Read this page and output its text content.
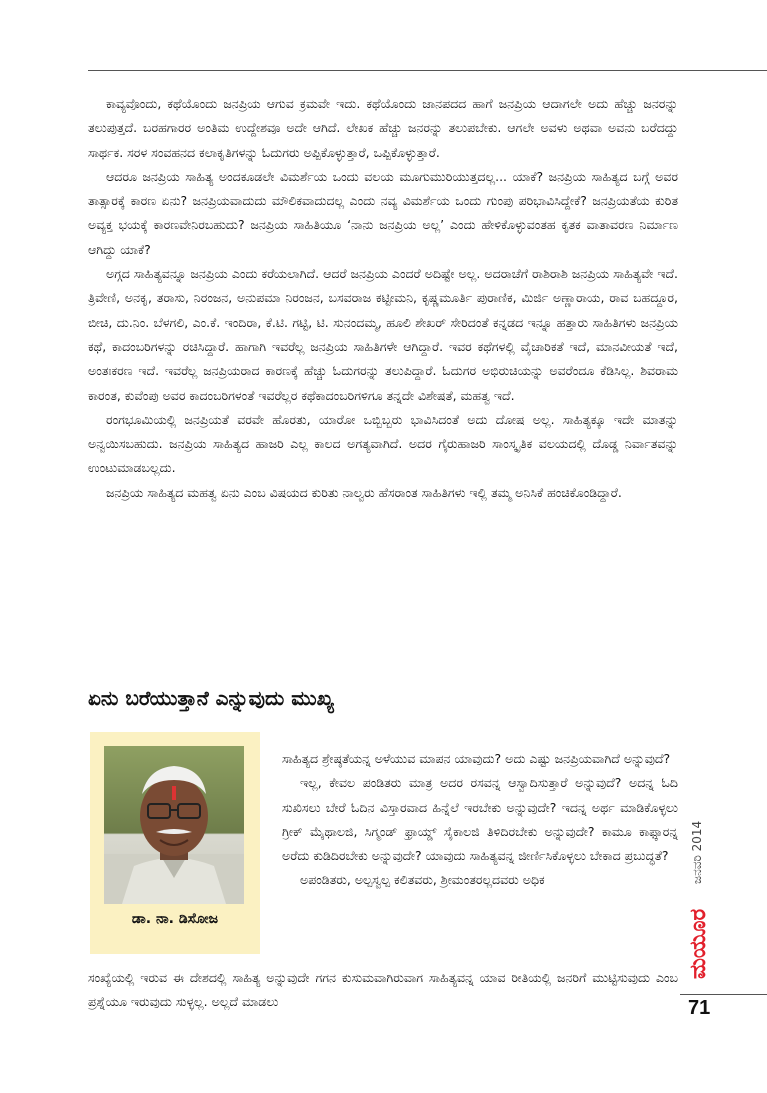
ಕಾವ್ಯವೊಂದು, ಕಥೆಯೊಂದು ಜನಪ್ರಿಯ ಆಗುವ ಕ್ರಮವೇ ಇದು. ಕಥೆಯೊಂದು ಜಾನಪದದ ಹಾಗೆ ಜನಪ್ರಿಯ ಆದಾಗಲೇ ಅದು ಹೆಚ್ಚು ಜನರನ್ನು ತಲುಪುತ್ತದೆ. ಬರಹಗಾರರ ಅಂತಿಮ ಉದ್ದೇಶವೂ ಅದೇ ಆಗಿದೆ. ಲೇಖಕ ಹೆಚ್ಚು ಜನರನ್ನು ತಲುಪಬೇಕು. ಆಗಲೇ ಅವಳು ಅಥವಾ ಅವನು ಬರೆದದ್ದು ಸಾರ್ಥಕ. ಸರಳ ಸಂವಹನದ ಕಲಾಕೃತಿಗಳನ್ನು ಓದುಗರು ಅಪ್ಪಿಕೊಳ್ಳುತ್ತಾರೆ, ಒಪ್ಪಿಕೊಳ್ಳುತ್ತಾರೆ.

ಆದರೂ ಜನಪ್ರಿಯ ಸಾಹಿತ್ಯ ಅಂದಕೂಡಲೇ ವಿಮರ್ಶೆಯ ಒಂದು ವಲಯ ಮೂಗುಮುರಿಯುತ್ತದಲ್ಲ... ಯಾಕೆ? ಜನಪ್ರಿಯ ಸಾಹಿತ್ಯದ ಬಗ್ಗೆ ಅವರ ತಾತ್ಸಾರಕ್ಕೆ ಕಾರಣ ಏನು? ಜನಪ್ರಿಯವಾದುದು ಮೌಲಿಕವಾದುದಲ್ಲ ಎಂದು ನವ್ಯ ವಿಮರ್ಶೆಯ ಒಂದು ಗುಂಪು ಪರಿಭಾವಿಸಿದ್ದೇಕೆ? ಜನಪ್ರಿಯತೆಯ ಕುರಿತ ಅವ್ಯಕ್ತ ಭಯಕ್ಕೆ ಕಾರಣವೇನಿರಬಹುದು? ಜನಪ್ರಿಯ ಸಾಹಿತಿಯೂ ‘ನಾನು ಜನಪ್ರಿಯ ಅಲ್ಲ’ ಎಂದು ಹೇಳಿಕೊಳ್ಳುವಂತಹ ಕೃತಕ ವಾತಾವರಣ ನಿರ್ಮಾಣ ಆಗಿದ್ದು ಯಾಕೆ?

ಅಗ್ಗದ ಸಾಹಿತ್ಯವನ್ನೂ ಜನಪ್ರಿಯ ಎಂದು ಕರೆಯಲಾಗಿದೆ. ಆದರೆ ಜನಪ್ರಿಯ ಎಂದರೆ ಅದಿಷ್ಟೇ ಅಲ್ಲ. ಅದರಾಚೆಗೆ ರಾಶಿರಾಶಿ ಜನಪ್ರಿಯ ಸಾಹಿತ್ಯವೇ ಇದೆ. ತ್ರಿವೇಣಿ, ಅನಕೃ, ತರಾಸು, ನಿರಂಜನ, ಅನುಪಮಾ ನಿರಂಜನ, ಬಸವರಾಜ ಕಟ್ಟೀಮನಿ, ಕೃಷ್ಣಮೂರ್ತಿ ಪುರಾಣಿಕ, ಮಿರ್ಜಿ ಅಣ್ಣಾರಾಯ, ರಾವ ಬಹದ್ದೂರ, ಬೀಚಿ, ದು.ನಿಂ. ಬೆಳಗಲಿ, ಎಂ.ಕೆ. ಇಂದಿರಾ, ಕೆ.ಟಿ. ಗಟ್ಟಿ, ಟಿ. ಸುನಂದಮ್ಮ, ಹೂಲಿ ಶೇಖರ್ ಸೇರಿದಂತೆ ಕನ್ನಡದ ಇನ್ನೂ ಹತ್ತಾರು ಸಾಹಿತಿಗಳು ಜನಪ್ರಿಯ ಕಥೆ, ಕಾದಂಬರಿಗಳನ್ನು ರಚಿಸಿದ್ದಾರೆ. ಹಾಗಾಗಿ ಇವರೆಲ್ಲ ಜನಪ್ರಿಯ ಸಾಹಿತಿಗಳೇ ಆಗಿದ್ದಾರೆ. ಇವರ ಕಥೆಗಳಲ್ಲಿ ವೈಚಾರಿಕತೆ ಇದೆ, ಮಾನವೀಯತೆ ಇದೆ, ಅಂತಃಕರಣ ಇದೆ. ಇವರೆಲ್ಲ ಜನಪ್ರಿಯರಾದ ಕಾರಣಕ್ಕೆ ಹೆಚ್ಚು ಓದುಗರನ್ನು ತಲುಪಿದ್ದಾರೆ. ಓದುಗರ ಅಭಿರುಚಿಯನ್ನು ಅವರೆಂದೂ ಕೆಡಿಸಿಲ್ಲ. ಶಿವರಾಮ ಕಾರಂತ, ಕುವೆಂಪು ಅವರ ಕಾದಂಬರಿಗಳಂತೆ ಇವರೆಲ್ಲರ ಕಥೆಕಾದಂಬರಿಗಳಿಗೂ ತನ್ನದೇ ವಿಶೇಷತೆ, ಮಹತ್ವ ಇದೆ.

ರಂಗಭೂಮಿಯಲ್ಲಿ ಜನಪ್ರಿಯತೆ ವರವೇ ಹೊರತು, ಯಾರೋ ಒಬ್ಬಿಬ್ಬರು ಭಾವಿಸಿದಂತೆ ಅದು ದೋಷ ಅಲ್ಲ. ಸಾಹಿತ್ಯಕ್ಕೂ ಇದೇ ಮಾತನ್ನು ಅನ್ವಯಿಸಬಹುದು. ಜನಪ್ರಿಯ ಸಾಹಿತ್ಯದ ಹಾಜರಿ ಎಲ್ಲ ಕಾಲದ ಅಗತ್ಯವಾಗಿದೆ. ಅದರ ಗೈರುಹಾಜರಿ ಸಾಂಸ್ಕೃತಿಕ ವಲಯದಲ್ಲಿ ದೊಡ್ಡ ನಿರ್ವಾತವನ್ನು ಉಂಟುಮಾಡಬಲ್ಲದು.

ಜನಪ್ರಿಯ ಸಾಹಿತ್ಯದ ಮಹತ್ವ ಏನು ಎಂಬ ವಿಷಯದ ಕುರಿತು ನಾಲ್ವರು ಹೆಸರಾಂತ ಸಾಹಿತಿಗಳು ಇಲ್ಲಿ ತಮ್ಮ ಅನಿಸಿಕೆ ಹಂಚಿಕೊಂಡಿದ್ದಾರೆ.

ಏನು ಬರೆಯುತ್ತಾನೆ ಎನ್ನುವುದು ಮುಖ್ಯ
ಡಾ. ನಾ. ಡಿಸೋಜ

ಸಾಹಿತ್ಯದ ಶ್ರೇಷ್ಠತೆಯನ್ನ ಅಳೆಯುವ ಮಾಪನ ಯಾವುದು? ಅದು ಎಷ್ಟು ಜನಪ್ರಿಯವಾಗಿದೆ ಅನ್ನುವುದೆ?

ಇಲ್ಲ, ಕೇವಲ ಪಂಡಿತರು ಮಾತ್ರ ಅದರ ರಸವನ್ನ ಆಸ್ವಾದಿಸುತ್ತಾರೆ ಅನ್ನುವುದೆ? ಅದನ್ನ ಓದಿ ಸುಖಿಸಲು ಬೇರೆ ಓದಿನ ವಿಸ್ತಾರವಾದ ಹಿನ್ನೆಲೆ ಇರಬೇಕು ಅನ್ನುವುದೇ? ಇದನ್ನ ಅರ್ಥ ಮಾಡಿಕೊಳ್ಳಲು ಗ್ರೀಕ್ ಮೈಥಾಲಜಿ, ಸಿಗ್ಮಂಡ್ ಫ್ರಾಯ್ಡ್ ಸೈಕಾಲಜಿ ತಿಳಿದಿರಬೇಕು ಅನ್ನುವುದೇ? ಕಾಮೂ ಕಾಫ್ಕಾರನ್ನ ಅರೆದು ಕುಡಿದಿರಬೇಕು ಅನ್ನುವುದೇ? ಯಾವುದು ಸಾಹಿತ್ಯವನ್ನ ಜೀರ್ಣಿಸಿಕೊಳ್ಳಲು ಬೇಕಾದ ಪ್ರಬುದ್ಧತೆ?

ಅಪಂಡಿತರು, ಅಲ್ಪಸ್ವಲ್ಪ ಕಲಿತವರು, ಶ್ರೀಮಂತರಲ್ಲದವರು ಅಧಿಕ

ಸಂಖ್ಯೆಯಲ್ಲಿ ಇರುವ ಈ ದೇಶದಲ್ಲಿ ಸಾಹಿತ್ಯ ಅನ್ನುವುದೇ ಗಗನ ಕುಸುಮವಾಗಿರುವಾಗ ಸಾಹಿತ್ಯವನ್ನ ಯಾವ ರೀತಿಯಲ್ಲಿ ಜನರಿಗೆ ಮುಟ್ಟಿಸುವುದು ಎಂಬ ಪ್ರಶ್ನೆಯೂ ಇರುವುದು ಸುಳ್ಳಲ್ಲ. ಅಲ್ಲದೆ ಮಾಡಲು
ಜನವರಿ 2014
ಮಯೂರ
71
